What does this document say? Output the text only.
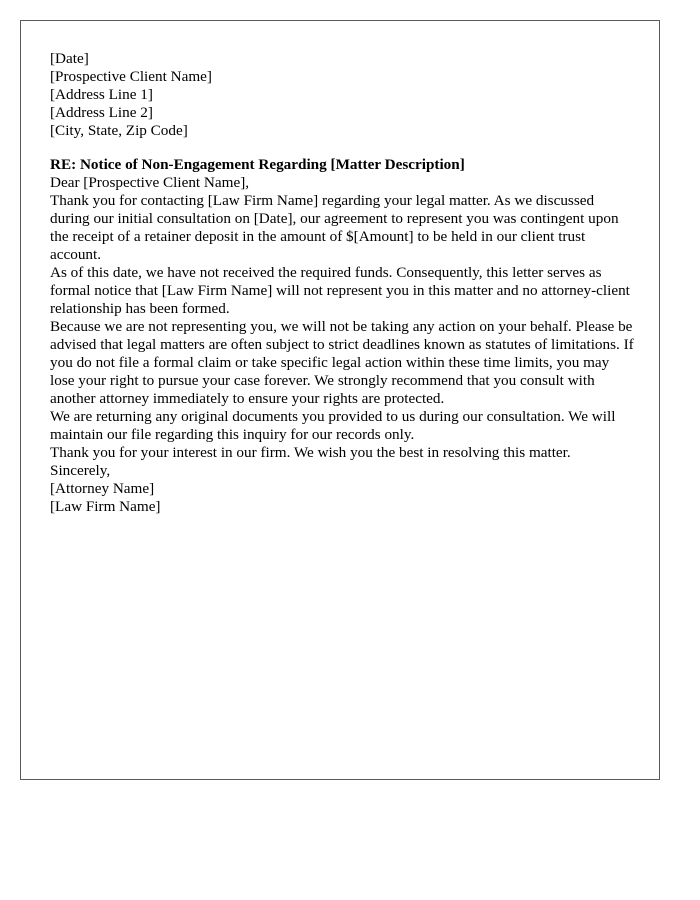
[Date]

[Prospective Client Name]
[Address Line 1]
[Address Line 2]
[City, State, Zip Code]

RE: Notice of Non-Engagement Regarding [Matter Description]

Dear [Prospective Client Name],

Thank you for contacting [Law Firm Name] regarding your legal matter. As we discussed during our initial consultation on [Date], our agreement to represent you was contingent upon the receipt of a retainer deposit in the amount of $[Amount] to be held in our client trust account.

As of this date, we have not received the required funds. Consequently, this letter serves as formal notice that [Law Firm Name] will not represent you in this matter and no attorney-client relationship has been formed.

Because we are not representing you, we will not be taking any action on your behalf. Please be advised that legal matters are often subject to strict deadlines known as statutes of limitations. If you do not file a formal claim or take specific legal action within these time limits, you may lose your right to pursue your case forever. We strongly recommend that you consult with another attorney immediately to ensure your rights are protected.

We are returning any original documents you provided to us during our consultation. We will maintain our file regarding this inquiry for our records only.

Thank you for your interest in our firm. We wish you the best in resolving this matter.

Sincerely,

[Attorney Name]
[Law Firm Name]
